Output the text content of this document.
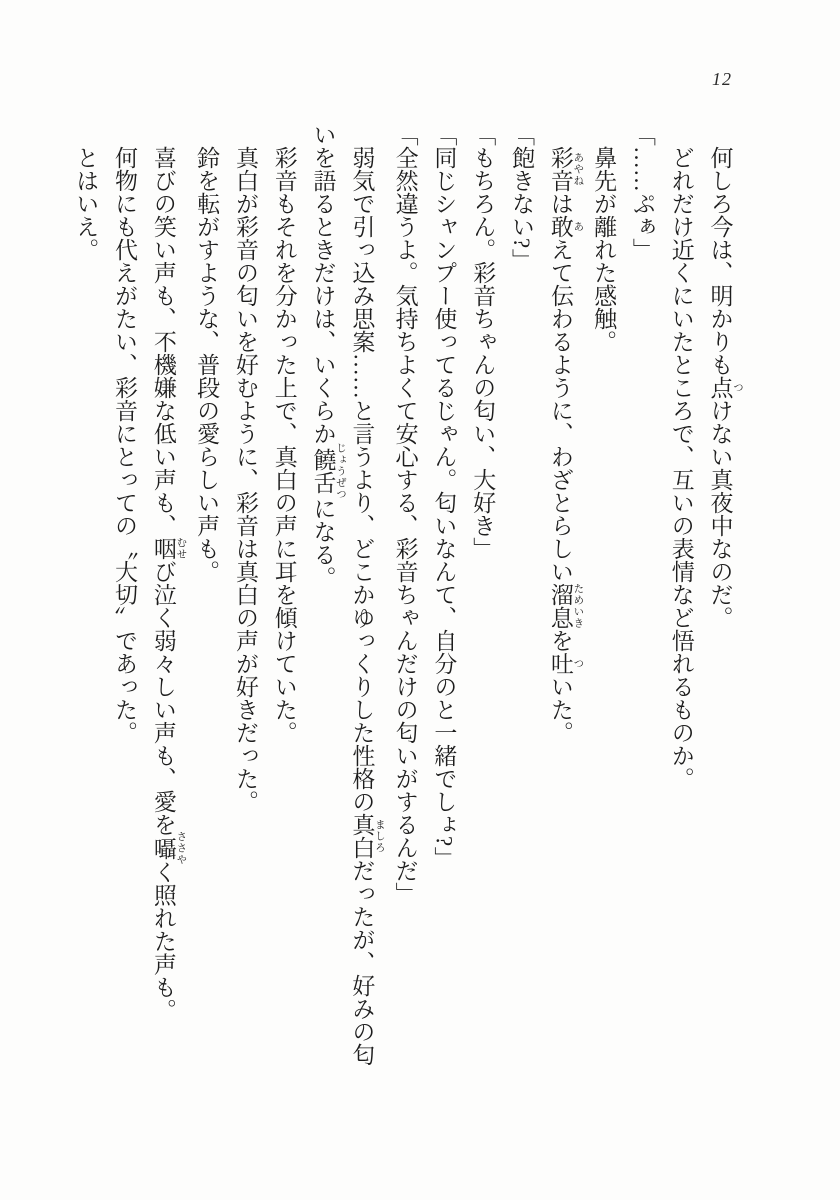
12

何しろ今は、明かりも点 つけない真夜中なのだ。

どれだけ近くにいたところで、互いの表情など悟れるものか。

「……ぷぁ」

鼻先が離れた感触。

彩音 あやねは敢 あえて伝わるように、わざとらしい溜息 ためいきを吐 ついた。

「飽きない?」

「もちろん。彩音ちゃんの匂い、大好き」

「同じシャンプー使ってるじゃん。匂いなんて、自分のと一緒でしょ?」

「全然違うよ。気持ちよくて安心する、彩音ちゃんだけの匂いがするんだ」

弱気で引っ込み思案……と言うより、どこかゆっくりした性格の真白 ましろだったが、好みの匂いを語るときだけは、いくらか饒舌 じょうぜつになる。

彩音もそれを分かった上で、真白の声に耳を傾けていた。

真白が彩音の匂いを好むように、彩音は真白の声が好きだった。

鈴を転がすような、普段の愛らしい声も。

喜びの笑い声も、不機嫌な低い声も、咽 むせび泣く弱々しい声も、愛を囁 ささやく照れた声も。

何物にも代えがたい、彩音にとっての〝大切〟であった。

とはいえ。
